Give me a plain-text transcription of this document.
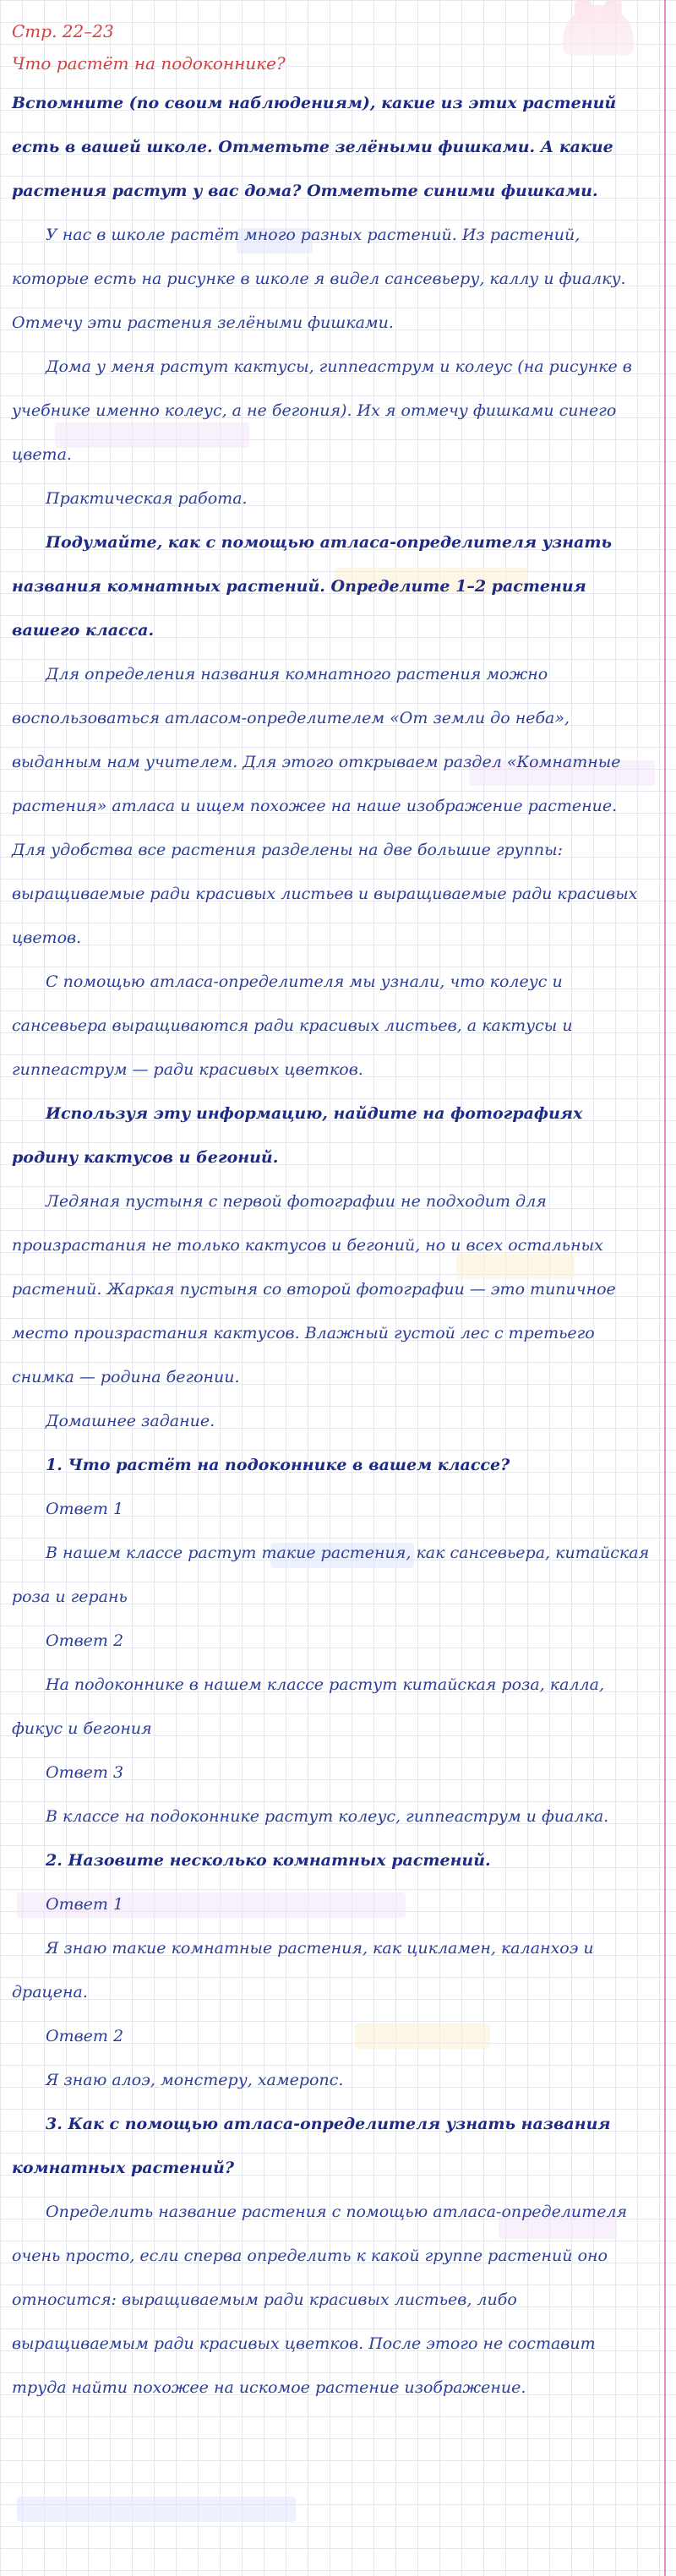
Стр. 22–23

Что растёт на подоконнике?

Вспомните (по своим наблюдениям), какие из этих растений есть в вашей школе. Отметьте зелёными фишками. А какие растения растут у вас дома? Отметьте синими фишками.

У нас в школе растёт много разных растений. Из растений, которые есть на рисунке в школе я видел сансевьеру, каллу и фиалку. Отмечу эти растения зелёными фишками.

Дома у меня растут кактусы, гиппеаструм и колеус (на рисунке в учебнике именно колеус, а не бегония). Их я отмечу фишками синего цвета.

Практическая работа.

Подумайте, как с помощью атласа-определителя узнать названия комнатных растений. Определите 1–2 растения вашего класса.

Для определения названия комнатного растения можно воспользоваться атласом-определителем «От земли до неба», выданным нам учителем. Для этого открываем раздел «Комнатные растения» атласа и ищем похожее на наше изображение растение. Для удобства все растения разделены на две большие группы: выращиваемые ради красивых листьев и выращиваемые ради красивых цветов.

С помощью атласа-определителя мы узнали, что колеус и сансевьера выращиваются ради красивых листьев, а кактусы и гиппеаструм — ради красивых цветков.

Используя эту информацию, найдите на фотографиях родину кактусов и бегоний.

Ледяная пустыня с первой фотографии не подходит для произрастания не только кактусов и бегоний, но и всех остальных растений. Жаркая пустыня со второй фотографии — это типичное место произрастания кактусов. Влажный густой лес с третьего снимка — родина бегонии.

Домашнее задание.

1. Что растёт на подоконнике в вашем классе?

Ответ 1

В нашем классе растут такие растения, как сансевьера, китайская роза и герань

Ответ 2

На подоконнике в нашем классе растут китайская роза, калла, фикус и бегония

Ответ 3

В классе на подоконнике растут колеус, гиппеаструм и фиалка.

2. Назовите несколько комнатных растений.

Ответ 1

Я знаю такие комнатные растения, как цикламен, каланхоэ и драцена.

Ответ 2

Я знаю алоэ, монстеру, хамеропс.

3. Как с помощью атласа-определителя узнать названия комнатных растений?

Определить название растения с помощью атласа-определителя очень просто, если сперва определить к какой группе растений оно относится: выращиваемым ради красивых листьев, либо выращиваемым ради красивых цветков. После этого не составит труда найти похожее на искомое растение изображение.
